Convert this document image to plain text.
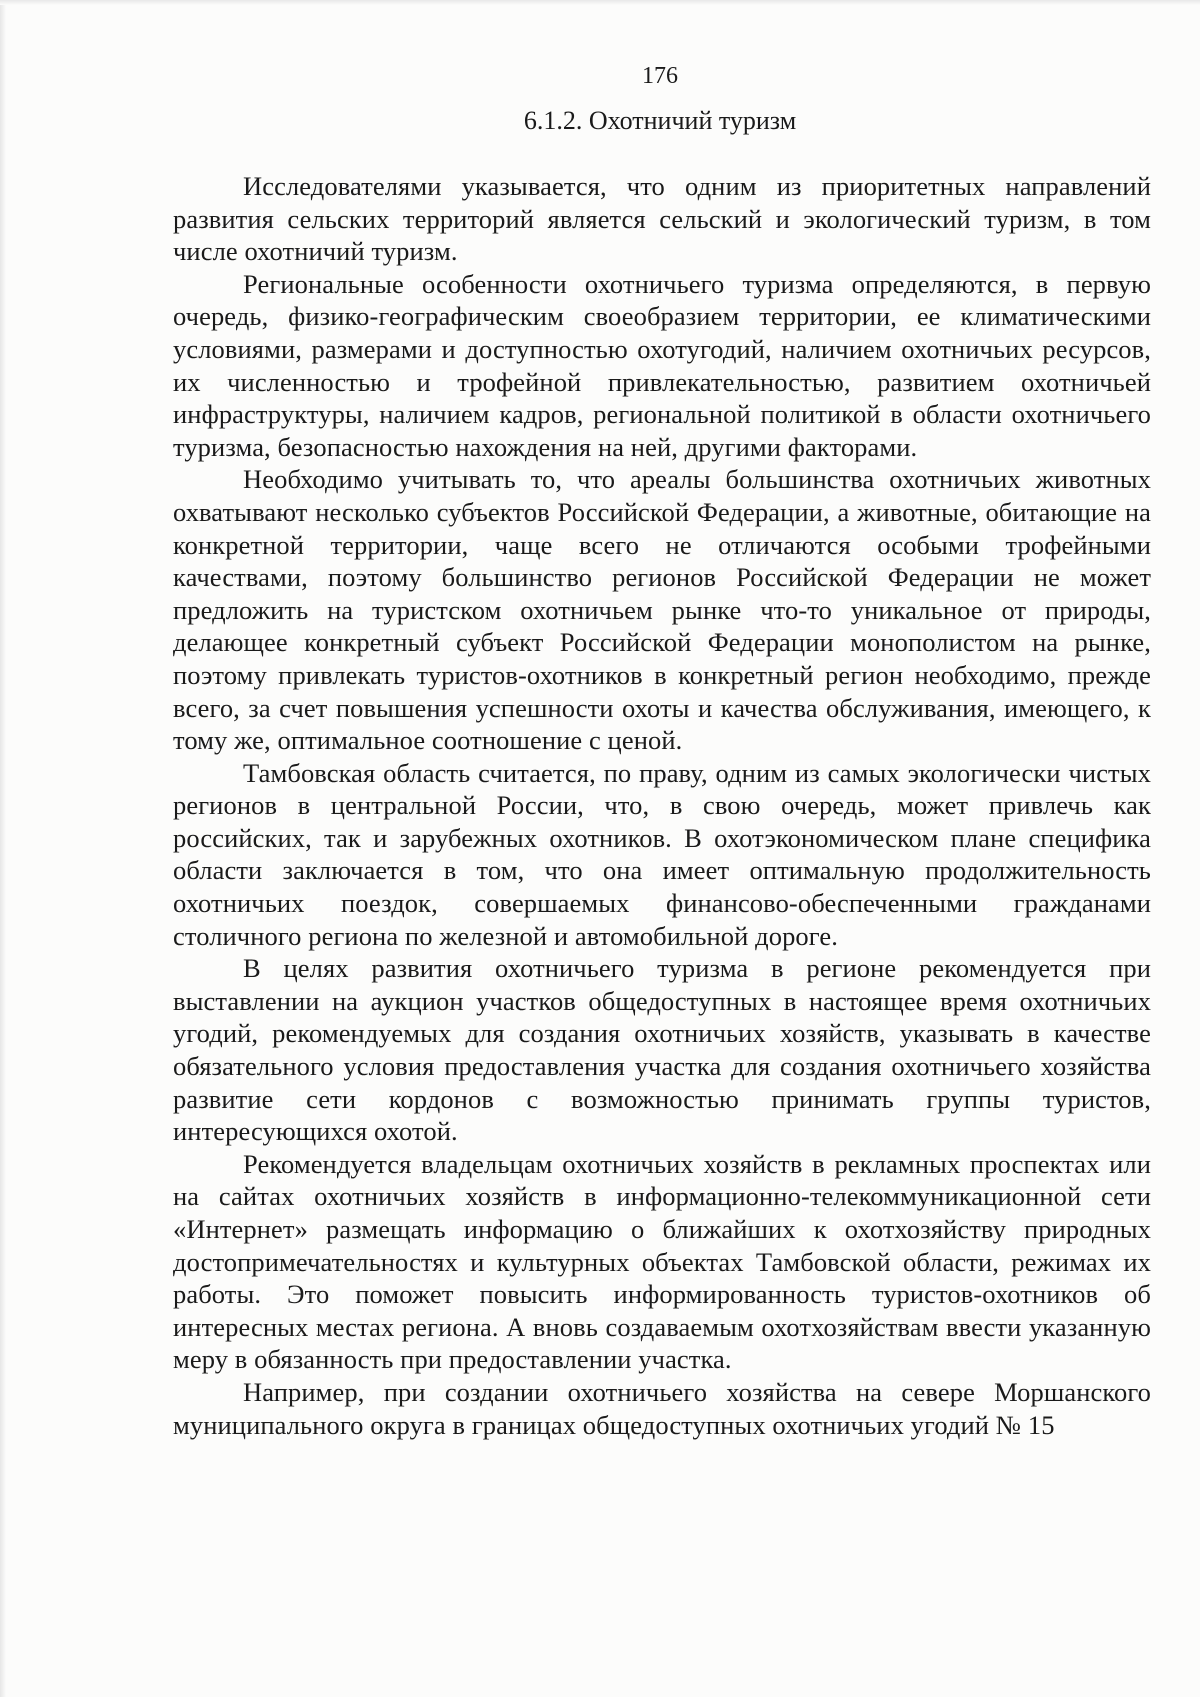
176
6.1.2. Охотничий туризм

Исследователями указывается, что одним из приоритетных направлений развития сельских территорий является сельский и экологический туризм, в том числе охотничий туризм.

Региональные особенности охотничьего туризма определяются, в первую очередь, физико-географическим своеобразием территории, ее климатическими условиями, размерами и доступностью охотугодий, наличием охотничьих ресурсов, их численностью и трофейной привлекательностью, развитием охотничьей инфраструктуры, наличием кадров, региональной политикой в области охотничьего туризма, безопасностью нахождения на ней, другими факторами.

Необходимо учитывать то, что ареалы большинства охотничьих животных охватывают несколько субъектов Российской Федерации, а животные, обитающие на конкретной территории, чаще всего не отличаются особыми трофейными качествами, поэтому большинство регионов Российской Федерации не может предложить на туристском охотничьем рынке что-то уникальное от природы, делающее конкретный субъект Российской Федерации монополистом на рынке, поэтому привлекать туристов-охотников в конкретный регион необходимо, прежде всего, за счет повышения успешности охоты и качества обслуживания, имеющего, к тому же, оптимальное соотношение с ценой.

Тамбовская область считается, по праву, одним из самых экологически чистых регионов в центральной России, что, в свою очередь, может привлечь как российских, так и зарубежных охотников. В охотэкономическом плане специфика области заключается в том, что она имеет оптимальную продолжительность охотничьих поездок, совершаемых финансово-обеспеченными гражданами столичного региона по железной и автомобильной дороге.

В целях развития охотничьего туризма в регионе рекомендуется при выставлении на аукцион участков общедоступных в настоящее время охотничьих угодий, рекомендуемых для создания охотничьих хозяйств, указывать в качестве обязательного условия предоставления участка для создания охотничьего хозяйства развитие сети кордонов с возможностью принимать группы туристов, интересующихся охотой.

Рекомендуется владельцам охотничьих хозяйств в рекламных проспектах или на сайтах охотничьих хозяйств в информационно-телекоммуникационной сети «Интернет» размещать информацию о ближайших к охотхозяйству природных достопримечательностях и культурных объектах Тамбовской области, режимах их работы. Это поможет повысить информированность туристов-охотников об интересных местах региона. А вновь создаваемым охотхозяйствам ввести указанную меру в обязанность при предоставлении участка.

Например, при создании охотничьего хозяйства на севере Моршанского муниципального округа в границах общедоступных охотничьих угодий № 15
